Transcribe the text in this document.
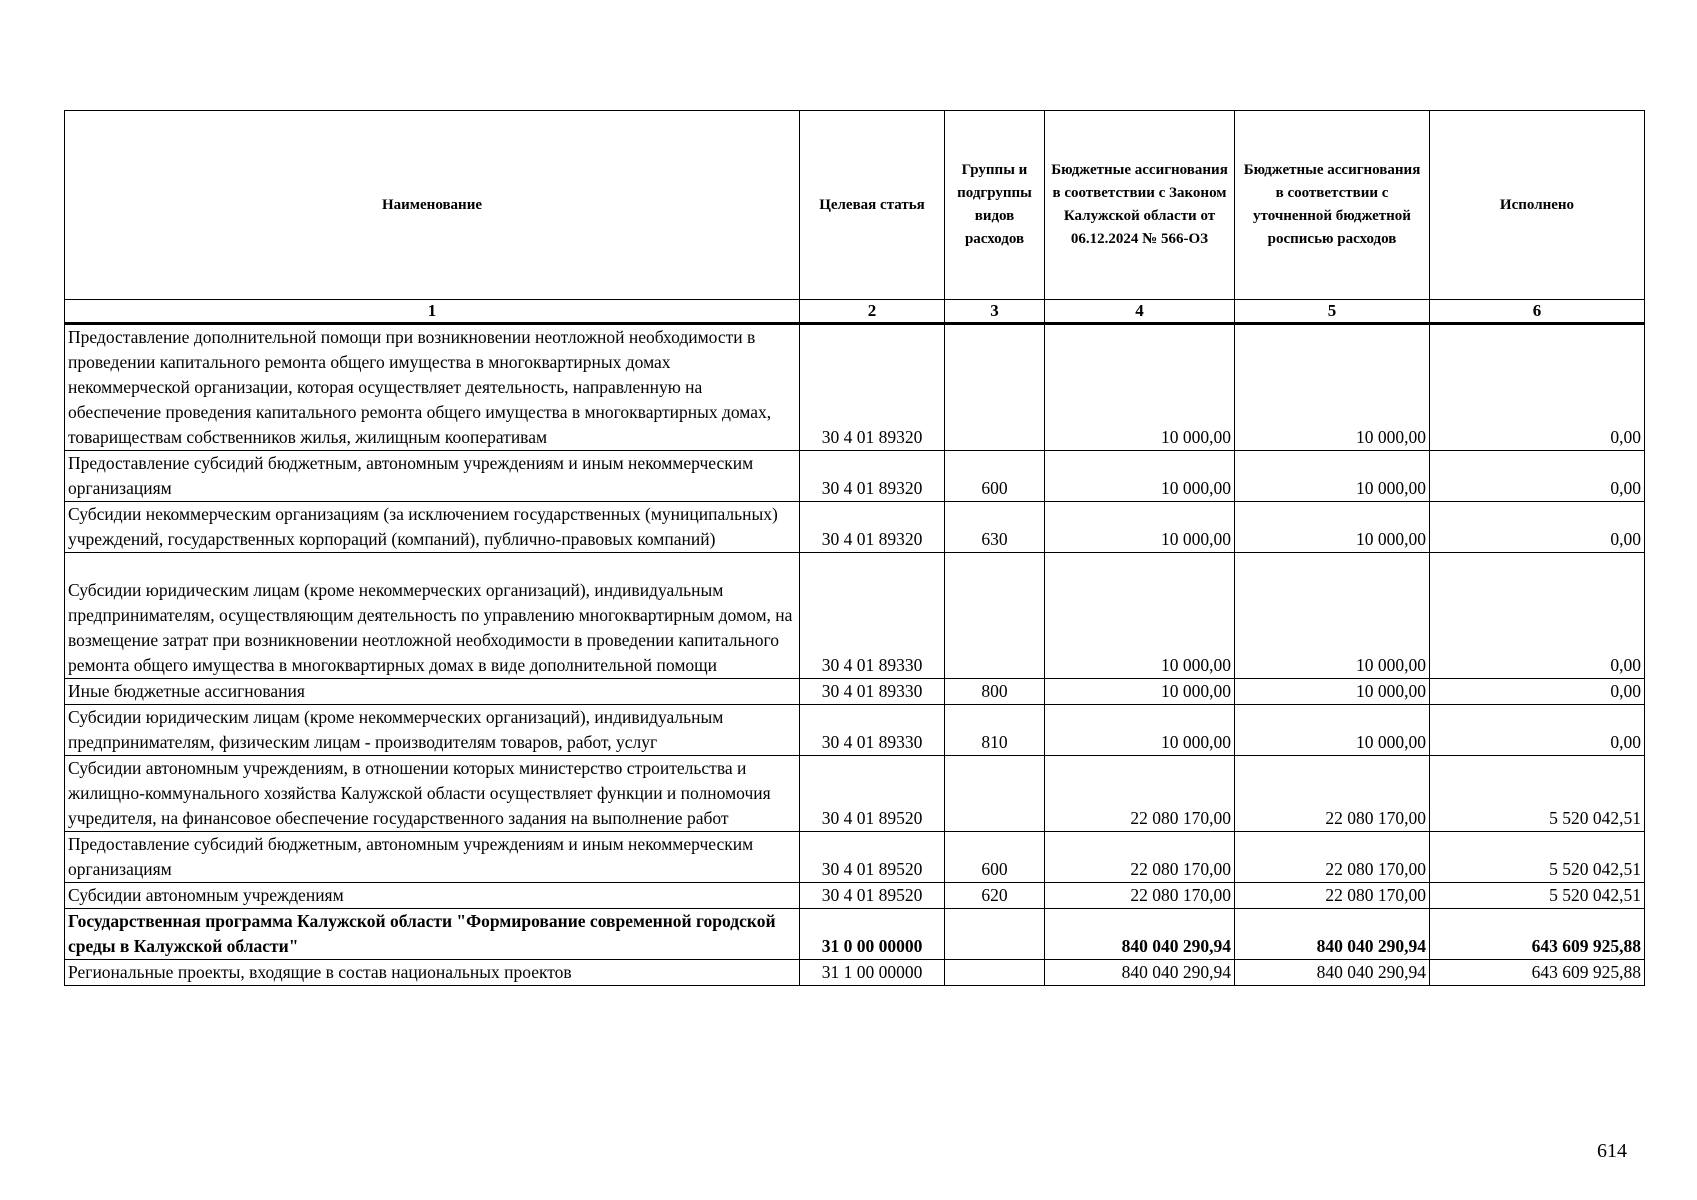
Наименование	Целевая статья	Группы и подгруппы видов расходов	Бюджетные ассигнования в соответствии с Законом Калужской области от 06.12.2024 № 566-ОЗ	Бюджетные ассигнования в соответствии с уточненной бюджетной росписью расходов	Исполнено
1	2	3	4	5	6
Предоставление дополнительной помощи при возникновении неотложной необходимости в проведении капитального ремонта общего имущества в многоквартирных домах некоммерческой организации, которая осуществляет деятельность, направленную на обеспечение проведения капитального ремонта общего имущества в многоквартирных домах, товариществам собственников жилья, жилищным кооперативам	30 4 01 89320		10 000,00	10 000,00	0,00
Предоставление субсидий бюджетным, автономным учреждениям и иным некоммерческим организациям	30 4 01 89320	600	10 000,00	10 000,00	0,00
Субсидии некоммерческим организациям (за исключением государственных (муниципальных) учреждений, государственных корпораций (компаний), публично-правовых компаний)	30 4 01 89320	630	10 000,00	10 000,00	0,00
Субсидии юридическим лицам (кроме некоммерческих организаций), индивидуальным предпринимателям, осуществляющим деятельность по управлению многоквартирным домом, на возмещение затрат при возникновении неотложной необходимости в проведении капитального ремонта общего имущества в многоквартирных домах в виде дополнительной помощи	30 4 01 89330		10 000,00	10 000,00	0,00
Иные бюджетные ассигнования	30 4 01 89330	800	10 000,00	10 000,00	0,00
Субсидии юридическим лицам (кроме некоммерческих организаций), индивидуальным предпринимателям, физическим лицам - производителям товаров, работ, услуг	30 4 01 89330	810	10 000,00	10 000,00	0,00
Субсидии автономным учреждениям, в отношении которых министерство строительства и жилищно-коммунального хозяйства Калужской области осуществляет функции и полномочия учредителя, на финансовое обеспечение государственного задания на выполнение работ	30 4 01 89520		22 080 170,00	22 080 170,00	5 520 042,51
Предоставление субсидий бюджетным, автономным учреждениям и иным некоммерческим организациям	30 4 01 89520	600	22 080 170,00	22 080 170,00	5 520 042,51
Субсидии автономным учреждениям	30 4 01 89520	620	22 080 170,00	22 080 170,00	5 520 042,51
Государственная программа Калужской области "Формирование современной городской среды в Калужской области"	31 0 00 00000		840 040 290,94	840 040 290,94	643 609 925,88
Региональные проекты, входящие в состав национальных проектов	31 1 00 00000		840 040 290,94	840 040 290,94	643 609 925,88
614
